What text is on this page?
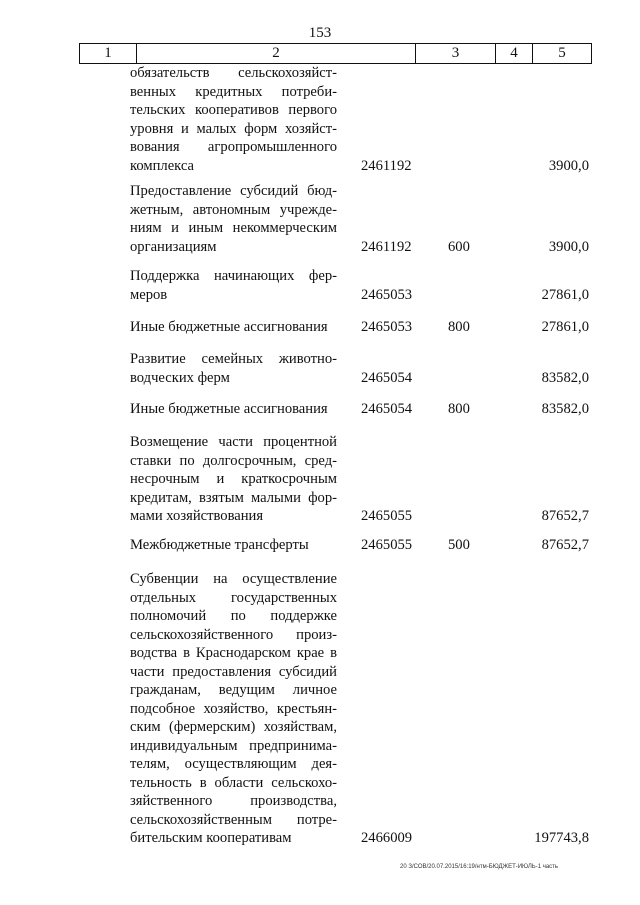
153
1	2	3	4	5
обязательств сельскохозяйст-
венных кредитных потреби-
тельских кооперативов первого
уровня и малых форм хозяйст-
вования агропромышленного
комплекса	2461192	3900,0
Предоставление субсидий бюд-
жетным, автономным учрежде-
ниям и иным некоммерческим
организациям	2461192 600	3900,0
Поддержка начинающих фер-
меров	2465053	27861,0
Иные бюджетные ассигнования	2465053 800	27861,0
Развитие семейных животно-
водческих ферм	2465054	83582,0
Иные бюджетные ассигнования	2465054 800	83582,0
Возмещение части процентной
ставки по долгосрочным, сред-
несрочным и краткосрочным
кредитам, взятым малыми фор-
мами хозяйствования	2465055	87652,7
Межбюджетные трансферты	2465055 500	87652,7
Субвенции на осуществление
отдельных государственных
полномочий по поддержке
сельскохозяйственного произ-
водства в Краснодарском крае в
части предоставления субсидий
гражданам, ведущим личное
подсобное хозяйство, крестьян-
ским (фермерским) хозяйствам,
индивидуальным предпринима-
телям, осуществляющим дея-
тельность в области сельскохо-
зяйственного производства,
сельскохозяйственным потре-
бительским кооперативам	2466009	197743,8
20 З/СОВ/20.07.2015/16:19/нтм-БЮДЖЕТ-ИЮЛЬ-1 часть
